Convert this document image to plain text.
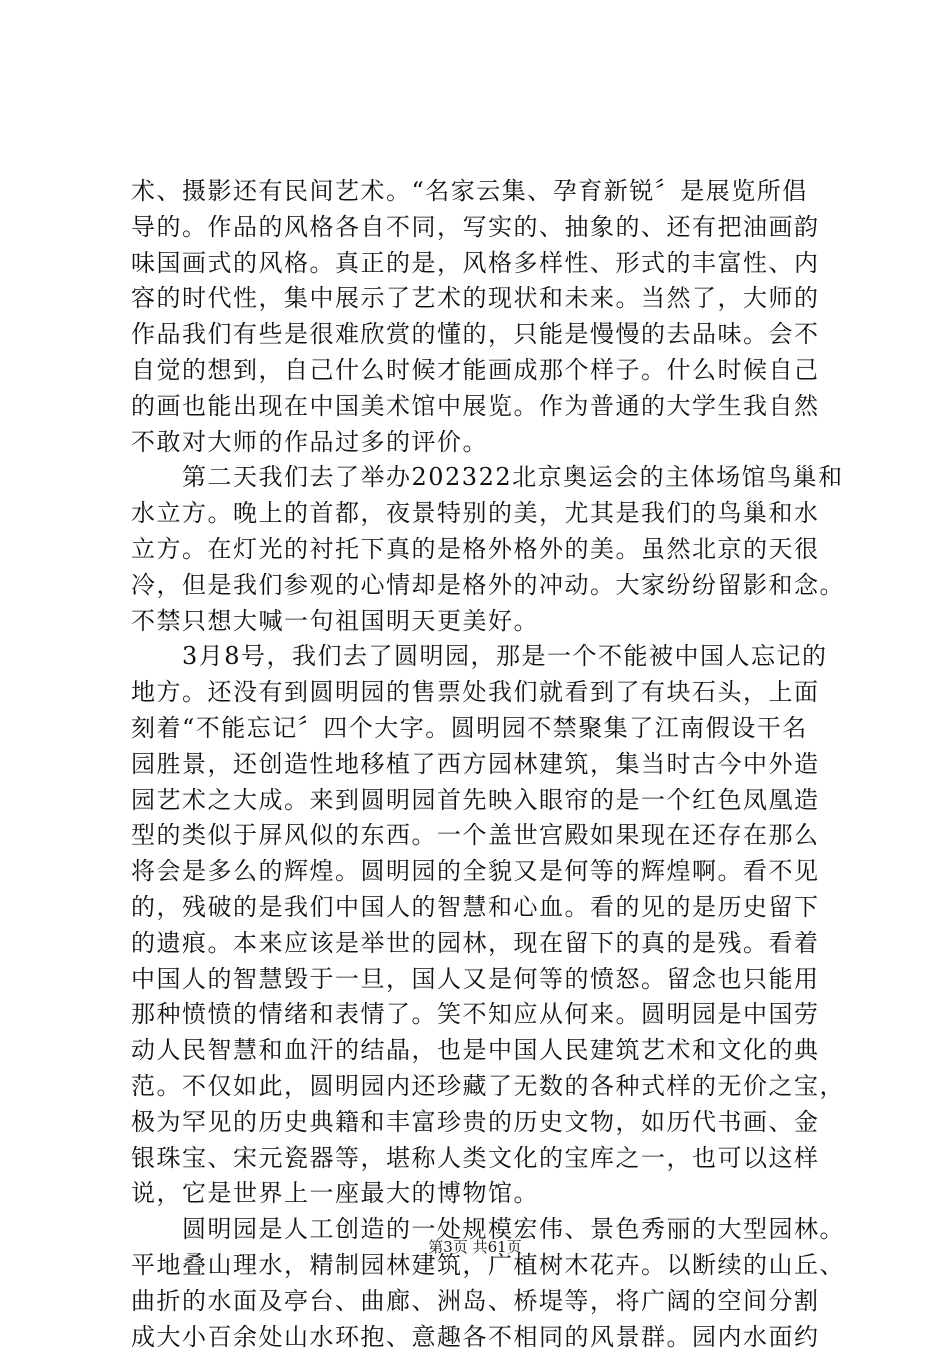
术、摄影还有民间艺术。“名家云集、孕育新锐〞是展览所倡
导的。作品的风格各自不同，写实的、抽象的、还有把油画韵
味国画式的风格。真正的是，风格多样性、形式的丰富性、内
容的时代性，集中展示了艺术的现状和未来。当然了，大师的
作品我们有些是很难欣赏的懂的，只能是慢慢的去品味。会不
自觉的想到，自己什么时候才能画成那个样子。什么时候自己
的画也能出现在中国美术馆中展览。作为普通的大学生我自然
不敢对大师的作品过多的评价。
　　第二天我们去了举办202322北京奥运会的主体场馆鸟巢和
水立方。晚上的首都，夜景特别的美，尤其是我们的鸟巢和水
立方。在灯光的衬托下真的是格外格外的美。虽然北京的天很
冷，但是我们参观的心情却是格外的冲动。大家纷纷留影和念。
不禁只想大喊一句祖国明天更美好。
　　3月8号，我们去了圆明园，那是一个不能被中国人忘记的
地方。还没有到圆明园的售票处我们就看到了有块石头，上面
刻着“不能忘记〞四个大字。圆明园不禁聚集了江南假设干名
园胜景，还创造性地移植了西方园林建筑，集当时古今中外造
园艺术之大成。来到圆明园首先映入眼帘的是一个红色凤凰造
型的类似于屏风似的东西。一个盖世宫殿如果现在还存在那么
将会是多么的辉煌。圆明园的全貌又是何等的辉煌啊。看不见
的，残破的是我们中国人的智慧和心血。看的见的是历史留下
的遗痕。本来应该是举世的园林，现在留下的真的是残。看着
中国人的智慧毁于一旦，国人又是何等的愤怒。留念也只能用
那种愤愤的情绪和表情了。笑不知应从何来。圆明园是中国劳
动人民智慧和血汗的结晶，也是中国人民建筑艺术和文化的典
范。不仅如此，圆明园内还珍藏了无数的各种式样的无价之宝，
极为罕见的历史典籍和丰富珍贵的历史文物，如历代书画、金
银珠宝、宋元瓷器等，堪称人类文化的宝库之一，也可以这样
说，它是世界上一座最大的博物馆。
　　圆明园是人工创造的一处规模宏伟、景色秀丽的大型园林。
平地叠山理水，精制园林建筑，广植树木花卉。以断续的山丘、
曲折的水面及亭台、曲廊、洲岛、桥堤等，将广阔的空间分割
成大小百余处山水环抱、意趣各不相同的风景群。园内水面约
第3页 共61页
